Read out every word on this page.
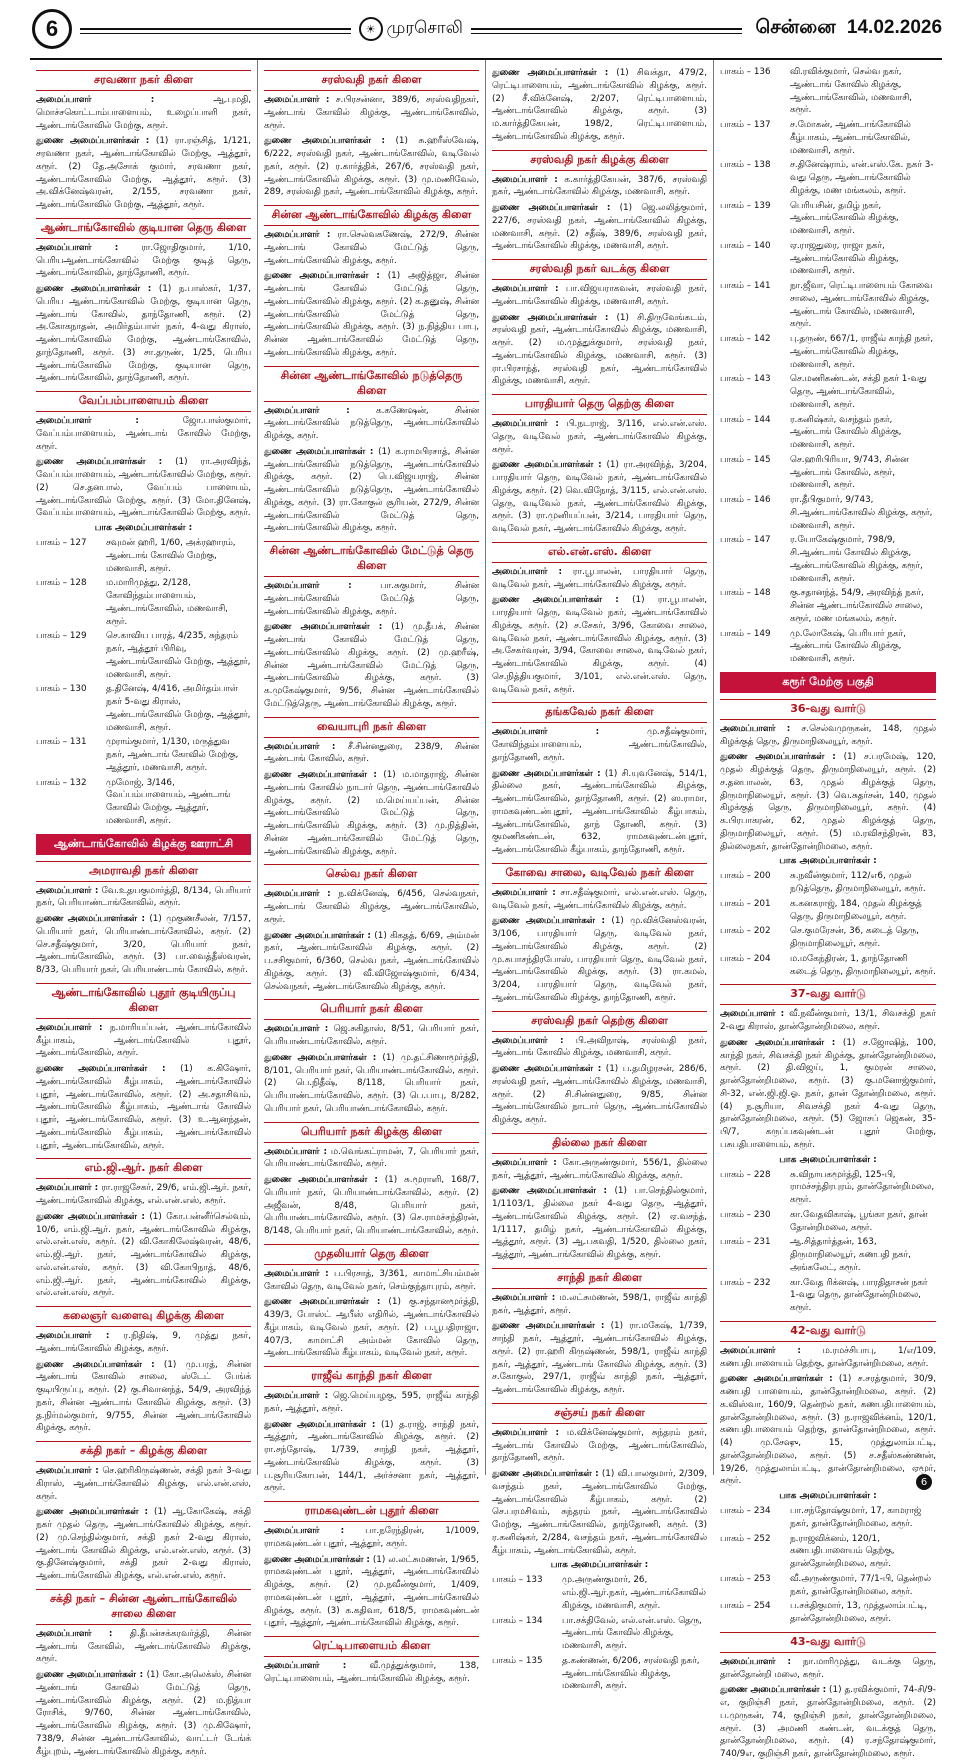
6	☀ முரசொலி	சென்னை 14.02.2026
சரவணா நகர் கிளை
அமைப்பாளர் : ஆ.புமதி, மொச்சகொட்டாம்பாளையம், உழைப்பாளி நகர், ஆண்டாங்கோவில் மேற்கு, கரூர்.
துணை அமைப்பாளர்கள் : (1) ரா.ரஞ்சித், 1/121, சரவணா நகர், ஆண்டாங்கோவில் மேற்கு, ஆத்தூர், கரூர். (2) தே.அசோக் குமார், சரவணா நகர், ஆண்டாங்கோவில் மேற்கு, ஆத்தூர், கரூர். (3) அ.விக்னேஷ்வரன், 2/155, சரவணா நகர், ஆண்டாங்கோவில் மேற்கு, ஆத்தூர், கரூர்.
ஆண்டாங்கோவில் குடியான தெரு கிளை
அமைப்பாளர் : ரா.ஜோதிகுமார், 1/10, பெரியஆண்டாங்கோவில் மேற்கு குடித் தெரு, ஆண்டாங்கோவில், தாந்தோணி, கரூர்.
துணை அமைப்பாளர்கள் : (1) ந.பாஸ்கர், 1/37, பெரிய ஆண்டாங்கோவில் மேற்கு, குடியான தெரு, ஆண்டாங் கோவில், தாந்தோணி, கரூர். (2) அ.கோகநாதன், அமிர்தம்பாள் நகர், 4-வது கிராஸ், ஆண்டாங்கோவில் மேற்கு, ஆண்டாங்கோவில், தாந்தோணி, கரூர். (3) சா.தருண், 1/25, பெரிய ஆண்டாங்கோவில் மேற்கு, குடியான தெரு, ஆண்டாங்கோவில், தாந்தோணி, கரூர்.
வேப்பம்பாளையம் கிளை
அமைப்பாளர் : ஜோ.பாஸ்குமார், வேப்பம்பாளையம், ஆண்டாங் கோவில் மேற்கு, கரூர்.
துணை அமைப்பாளர்கள் : (1) ரா.அரவிந்த், வேப்பம்பாளையம், ஆண்டாங்கோவில் மேற்கு, கரூர். (2) செ.தனபால், வேப்பம் பாளையம், ஆண்டாங்கோவில் மேற்கு, கரூர். (3) மோ.தினேஷ், வேப்பம்பாளையம், ஆண்டாங்கோவில் மேற்கு, கரூர்.
பாக அமைப்பாளர்கள் :
பாகம் – 127	சவுமன் ஹரி, 1/60, அக்ரஹாரம், ஆண்டாங் கோவில் மேற்கு, மணவாசி, கரூர்.
பாகம் – 128	ம.மாரிமுத்து, 2/128, கோவிந்தம்பாளையம், ஆண்டாங்கோவில், மணவாசி, கரூர்.
பாகம் – 129	செ.காவிய பாரத், 4/235, சுந்தரம் நகர், ஆத்தூர் பிரிவு, ஆண்டாங்கோவில் மேற்கு, ஆத்தூர், மணவாசி, கரூர்.
பாகம் – 130	த.தினேஷ், 4/416, அமிர்தம்பாள் நகர் 5-வது கிராஸ், ஆண்டாங்கோவில் மேற்கு, ஆத்தூர், மணவாசி, கரூர்.
பாகம் – 131	முராம்குமார், 1/130, மருத்துவ நகர், ஆண்டாங் கோவில் மேற்கு, ஆத்தூர், மணவாசி, கரூர்.
பாகம் – 132	முமோஜ், 3/146, வேப்பம்பாளையம், ஆண்டாங் கோவில் மேற்கு, ஆத்தூர், மணவாசி, கரூர்.
ஆண்டாங்கோவில் கிழக்கு ஊராட்சி
அமராவதி நகர் கிளை
அமைப்பாளர் : வே.உதயகுமார்த்தி, 8/134, பெரியார் நகர், பெரியாண்டாங்கோவில், கரூர்.
துணை அமைப்பாளர்கள் : (1) முகுணசீலன், 7/157, பெரியார் நகர், பெரியாண்டாங்கோவில், கரூர். (2) செ.சதீஷ்குமார், 3/20, பெரியார் நகர், ஆண்டாங்கோவில், கரூர். (3) பா.வைத்தீஸ்வரன், 8/33, பெரியார் நகர், பெரியாண்டாங் கோவில், கரூர்.
ஆண்டாங்கோவில் புதூர் குடியிருப்பு கிளை
அமைப்பாளர் : ந.மாரியப்பன், ஆண்டாங்கோவில் கீழ்பாகம், ஆண்டாங்கோவில் புதூர், ஆண்டாங்கோவில், கரூர்.
துணை அமைப்பாளர்கள் : (1) க.கிஷோர், ஆண்டாங்கோவில் கீழ்பாகம், ஆண்டாங்கோவில் புதூர், ஆண்டாங்கோவில், கரூர். (2) அ.சதாசிவம், ஆண்டாங்கோவில் கீழ்பாகம், ஆண்டாங் கோவில் புதூர், ஆண்டாங்கோவில், கரூர். (3) உ.ஆனந்தன், ஆண்டாங்கோவில் கீழ்பாகம், ஆண்டாங்கோவில் புதூர், ஆண்டாங்கோவில், கரூர்.
எம்.ஜி.ஆர். நகர் கிளை
அமைப்பாளர் : ரா.ராஜசேகர், 29/6, எம்.ஜி.ஆர். நகர், ஆண்டாங்கோவில் கிழக்கு, எல்.என்.எஸ், கரூர்.
துணை அமைப்பாளர்கள் : (1) கோ.பன்னீர்செல்வம், 10/6, எம்.ஜி.ஆர். நகர், ஆண்டாங்கோவில் கிழக்கு, எல்.என்.எஸ், கரூர். (2) வி.கோகிலேஷ்வரன், 48/6, எம்.ஜி.ஆர். நகர், ஆண்டாங்கோவில் கிழக்கு, எல்.என்.எஸ், கரூர். (3) வி.கோபிநாத், 48/6, எம்.ஜி.ஆர். நகர், ஆண்டாங்கோவில் கிழக்கு, எல்.என்.எஸ், கரூர்.
கலைஞர் வளைவு கிழக்கு கிளை
அமைப்பாளர் : ர.நிதிஷ், 9, முத்து நகர், ஆண்டாங்கோவில் கிழக்கு, கரூர்.
துணை அமைப்பாளர்கள் : (1) மு.பரத், சின்ன ஆண்டாங் கோவில் சாலை, ஸ்டேட் பேங்க் குடியிருப்பு, கரூர். (2) கு.சிவானந்த், 54/9, அரவிந்த் நகர், சின்ன ஆண்டாங் கோவில் கிழக்கு, கரூர். (3) த.நிர்மல்குமார், 9/755, சின்ன ஆண்டாங்கோவில் கிழக்கு, கரூர்.
சக்தி நகர் – கிழக்கு கிளை
அமைப்பாளர் : செ.ஹரிகிருஷ்ணன், சக்தி நகர் 3-வது கிராஸ், ஆண்டாங்கோவில் கிழக்கு, எல்.என்.எஸ், கரூர்.
துணை அமைப்பாளர்கள் : (1) ஆ.கோகேஷ், சக்தி நகர் முதல் தெரு, ஆண்டாங்கோவில் கிழக்கு, கரூர். (2) மு.செந்தில்குமார், சக்தி நகர் 2-வது கிராஸ், ஆண்டாங் கோவில் கிழக்கு, எல்.என்.எஸ், கரூர். (3) கு.தினேஷ்குமார், சக்தி நகர் 2-வது கிராஸ், ஆண்டாங்கோவில் கிழக்கு, எல்.என்.எஸ், கரூர்.
சக்தி நகர் – சின்ன ஆண்டாங்கோவில் சாலை கிளை
அமைப்பாளர் : தி.தீபன்சக்கரவர்த்தி, சின்ன ஆண்டாங் கோவில், ஆண்டாங்கோவில் கிழக்கு, கரூர்.
துணை அமைப்பாளர்கள் : (1) கோ.அலெக்ஸ், சின்ன ஆண்டாங் கோவில் மேட்டுத் தெரு, ஆண்டாங்கோவில் கிழக்கு, கரூர். (2) ம.நித்யா ரோசிக், 9/760, சின்ன ஆண்டாங்கோவில், ஆண்டாங்கோவில் கிழக்கு, கரூர். (3) மு.கிஷோர், 738/9, சின்ன ஆண்டாங்கோவில், வாட்டர் டேங்க் கீழ்புறம், ஆண்டாங்கோவில் கிழக்கு, கரூர்.
சரஸ்வதி நகர் கிளை
அமைப்பாளர் : ச.பிரசன்னா, 389/6, சரஸ்வதிநகர், ஆண்டாங் கோவில் கிழக்கு, ஆண்டாங்கோவில், கரூர்.
துணை அமைப்பாளர்கள் : (1) சு.ஹரீஸ்வேஷ், 6/222, சரஸ்வதி நகர், ஆண்டாங்கோவில், வடிவேல் நகர், கரூர். (2) ர.கார்த்திக், 267/6, சரஸ்வதி நகர், ஆண்டாங்கோவில் கிழக்கு, கரூர். (3) மு.மணிவேல், 289, சரஸ்வதி நகர், ஆண்டாங்கோவில் கிழக்கு, கரூர்.
சின்ன ஆண்டாங்கோவில் கிழக்கு கிளை
அமைப்பாளர் : ரா.செல்வகணேஷ், 272/9, சின்ன ஆண்டாங் கோவில் மேட்டுத் தெரு, ஆண்டாங்கோவில் கிழக்கு, கரூர்.
துணை அமைப்பாளர்கள் : (1) அஜித்ஜா, சின்ன ஆண்டாங் கோவில் மேட்டுத் தெரு, ஆண்டாங்கோவில் கிழக்கு, கரூர். (2) க.தனுஷ், சின்ன ஆண்டாங்கோவில் மேட்டுத் தெரு, ஆண்டாங்கோவில் கிழக்கு, கரூர். (3) ந.நித்திய பாபு, சின்ன ஆண்டாங்கோவில் மேட்டுத் தெரு, ஆண்டாங்கோவில் கிழக்கு, கரூர்.
சின்ன ஆண்டாங்கோவில் நடுத்தெரு கிளை
அமைப்பாளர் : க.கணேஷன், சின்ன ஆண்டாங்கோவில் நடுத்தெரு, ஆண்டாங்கோவில் கிழக்கு, கரூர்.
துணை அமைப்பாளர்கள் : (1) க.ராமபிரசாத், சின்ன ஆண்டாங்கோவில் நடுத்தெரு, ஆண்டாங்கோவில் கிழக்கு, கரூர். (2) பெ.விஜயராஜ், சின்ன ஆண்டாங்கோவில் நடுத்தெரு, ஆண்டாங்கோவில் கிழக்கு, கரூர். (3) ரா.கோகுல் சூரியன், 272/9, சின்ன ஆண்டாங்கோவில் மேட்டுத் தெரு, ஆண்டாங்கோவில் கிழக்கு, கரூர்.
சின்ன ஆண்டாங்கோவில் மேட்டுத் தெரு கிளை
அமைப்பாளர் : பா.சுகுமார், சின்ன ஆண்டாங்கோவில் மேட்டுத் தெரு, ஆண்டாங்கோவில் கிழக்கு, கரூர்.
துணை அமைப்பாளர்கள் : (1) மு.தீபக், சின்ன ஆண்டாங் கோவில் மேட்டுத் தெரு, ஆண்டாங்கோவில் கிழக்கு, கரூர். (2) மு.ஹரீஷ், சின்ன ஆண்டாங்கோவில் மேட்டுத் தெரு, ஆண்டாங்கோவில் கிழக்கு, கரூர். (3) க.முகேஷ்குமார், 9/56, சின்ன ஆண்டாங்கோவில் மேட்டுத்தெரு, ஆண்டாங்கோவில் கிழக்கு, கரூர்.
வையாபுரி நகர் கிளை
அமைப்பாளர் : சீ.சின்னதுரை, 238/9, சின்ன ஆண்டாங் கோவில், கரூர்.
துணை அமைப்பாளர்கள் : (1) ம.மாதராஜ், சின்ன ஆண்டாங் கோவில் நாடார் தெரு, ஆண்டாங்கோவில் கிழக்கு, கரூர். (2) ம.மெய்யப்பன், சின்ன ஆண்டாங்கோவில் மேட்டுத் தெரு, ஆண்டாங்கோவில் கிழக்கு, கரூர். (3) மு.நித்தின், சின்ன ஆண்டாங்கோவில் மேட்டுத் தெரு, ஆண்டாங்கோவில் கிழக்கு, கரூர்.
செல்வ நகர் கிளை
அமைப்பாளர் : ந.விக்னேஷ், 6/456, செல்வநகர், ஆண்டாங் கோவில் கிழக்கு, ஆண்டாங்கோவில், கரூர்.
துணை அமைப்பாளர்கள் : (1) கிகதத், 6/69, அம்மன் நகர், ஆண்டாங்கோவில் கிழக்கு, கரூர். (2) ப.சசிகுமார், 6/360, செல்வ நகர், ஆண்டாங்கோவில் கிழக்கு, கரூர். (3) வீ.விஜோஷ்குமார், 6/434, செல்வநகர், ஆண்டாங்கோவில் கிழக்கு, கரூர்.
பெரியார் நகர் கிளை
அமைப்பாளர் : ஜெ.சுகிதாஸ், 8/51, பெரியார் நகர், பெரியாண்டாங்கோவில், கரூர்.
துணை அமைப்பாளர்கள் : (1) மு.தட்சிணாமூர்த்தி, 8/101, பெரியார் நகர், பெரியாண்டாங்கோவில், கரூர். (2) பெ.நிதீஷ், 8/118, பெரியார் நகர், பெரியாண்டாங்கோவில், கரூர். (3) பெ.பாபு, 8/282, பெரியார் நகர், பெரியாண்டாங்கோவில், கரூர்.
பெரியார் நகர் கிழக்கு கிளை
அமைப்பாளர் : ம.வெங்கட்ராமன், 7, பெரியார் நகர், பெரியாண்டாங்கோவில், கரூர்.
துணை அமைப்பாளர்கள் : (1) சு.மூராளி, 168/7, பெரியார் நகர், பெரியாண்டாங்கோவில், கரூர். (2) அஜீவன், 8/48, பெரியார் நகர், பெரியாண்டாங்கோவில், கரூர். (3) செ.ராமச்சந்திரன், 8/148, பெரியார் நகர், பெரியாண்டாங்கோவில், கரூர்.
முதலியார் தெரு கிளை
அமைப்பாளர் : ப.பிரசாத், 3/361, காமாட்சியம்மன் கோவில் தெரு, வடிவேல் நகர், செம்குந்தாபுரம், கரூர்.
துணை அமைப்பாளர்கள் : (1) கு.சந்தானமூர்த்தி, 439/3, போஸ்ட் ஆபீஸ் எதிரில், ஆண்டாங்கோவில் கீழ்பாகம், வடிவேல் நகர், கரூர். (2) ப.பூபதிராஜா, 407/3, காமாட்சி அம்மன் கோவில் தெரு, ஆண்டாங்கோவில் கீழ்பாகம், வடிவேல் நகர், கரூர்.
ராஜீவ் காந்தி நகர் கிளை
அமைப்பாளர் : ஜெ.மெய்யழகு, 595, ராஜீவ் காந்தி நகர், ஆத்தூர், கரூர்.
துணை அமைப்பாளர்கள் : (1) த.ராஜ், சாந்தி நகர், ஆத்தூர், ஆண்டாங்கோவில் கிழக்கு, கரூர். (2) ரா.சந்தோஷ், 1/739, சாந்தி நகர், ஆத்தூர், ஆண்டாங்கோவில் கிழக்கு, கரூர். (3) ப.சூரியகோபன், 144/1, அர்ச்சனா நகர், ஆத்தூர், கரூர்.
ராமகவுண்டன் புதூர் கிளை
அமைப்பாளர் : பா.நரேந்திரன், 1/1009, ராமகவுண்டன் புதூர், ஆத்தூர், கரூர்.
துணை அமைப்பாளர்கள் : (1) ல.லட்சுமணன், 1/965, ராமகவுண்டன் புதூர், ஆத்தூர், ஆண்டாங்கோவில் கிழக்கு, கரூர். (2) மு.நவீன்குமார், 1/409, ராமகவுண்டன் புதூர், ஆத்தூர், ஆண்டாங்கோவில் கிழக்கு, கரூர். (3) க.கதிவா, 618/5, ராமகவுண்டன் புதூர், ஆத்தூர், ஆண்டாங்கோவில் கிழக்கு, கரூர்.
ரெட்டிபாளையம் கிளை
அமைப்பாளர் : வீ.முத்துக்குமார், 138, ரெட்டிபாளையம், ஆண்டாங்கோவில் கிழக்கு, கரூர்.
துணை அமைப்பாளர்கள் : (1) சிவக்தா, 479/2, ரெட்டிபாளையம், ஆண்டாங்கோவில் கிழக்கு, கரூர். (2) சீ.விக்னேஷ், 2/207, ரெட்டிபாளையம், ஆண்டாங்கோவில் கிழக்கு, கரூர். (3) ம.கார்த்திகேயன், 198/2, ரெட்டிபாளையம், ஆண்டாங்கோவில் கிழக்கு, கரூர்.
சரஸ்வதி நகர் கிழக்கு கிளை
அமைப்பாளர் : க.கார்த்திகேயன், 387/6, சரஸ்வதி நகர், ஆண்டாங்கோவில் கிழக்கு, மணவாசி, கரூர்.
துணை அமைப்பாளர்கள் : (1) ஜெ.லலித்குமார், 227/6, சரஸ்வதி நகர், ஆண்டாங்கோவில் கிழக்கு, மணவாசி, கரூர். (2) சதீஷ், 389/6, சரஸ்வதி நகர், ஆண்டாங்கோவில் கிழக்கு, மணவாசி, கரூர்.
சரஸ்வதி நகர் வடக்கு கிளை
அமைப்பாளர் : பா.விஜயராகவன், சரஸ்வதி நகர், ஆண்டாங்கோவில் கிழக்கு, மணவாசி, கரூர்.
துணை அமைப்பாளர்கள் : (1) சி.திருவேங்கடம், சரஸ்வதி நகர், ஆண்டாங்கோவில் கிழக்கு, மணவாசி, கரூர். (2) ம.முத்துக்குமார், சரஸ்வதி நகர், ஆண்டாங்கோவில் கிழக்கு, மணவாசி, கரூர். (3) ரா.பிரசாந்த், சரஸ்வதி நகர், ஆண்டாங்கோவில் கிழக்கு, மணவாசி, கரூர்.
பாரதியார் தெரு தெற்கு கிளை
அமைப்பாளர் : பி.நடராஜ், 3/116, எல்.என்.எஸ். தெரு, வடிவேல் நகர், ஆண்டாங்கோவில் கிழக்கு, கரூர்.
துணை அமைப்பாளர்கள் : (1) ரா.அரவிந்த், 3/204, பாரதியார் தெரு, வடிவேல் நகர், ஆண்டாங்கோவில் கிழக்கு, கரூர். (2) வெ.விநோத், 3/115, எல்.என்.எஸ். தெரு, வடிவேல் நகர், ஆண்டாங்கோவில் கிழக்கு, கரூர். (3) ரா.முனியப்பன், 3/214, பாரதியார் தெரு, வடிவேல் நகர், ஆண்டாங்கோவில் கிழக்கு, கரூர்.
எல்.என்.எஸ். கிளை
அமைப்பாளர் : ரா.பூபாலன், பாரதியார் தெரு, வடிவேல் நகர், ஆண்டாங்கோவில் கிழக்கு, கரூர்.
துணை அமைப்பாளர்கள் : (1) ரா.பூபாலன், பாரதியார் தெரு, வடிவேல் நகர், ஆண்டாங்கோவில் கிழக்கு, கரூர். (2) ச.சேகர், 3/96, கோவை சாலை, வடிவேல் நகர், ஆண்டாங்கோவில் கிழக்கு, கரூர். (3) அ.சேகர்வரன், 3/94, கோவை சாலை, வடிவேல் நகர், ஆண்டாங்கோவில் கிழக்கு, கரூர். (4) செ.நித்தியகுமார், 3/101, எல்.என்.எஸ். தெரு, வடிவேல் நகர், கரூர்.
தங்கவேல் நகர் கிளை
அமைப்பாளர் : மு.சதீஷ்குமார், கோவிந்தம்பாளையம், ஆண்டாங்கோவில், தாந்தோணி, கரூர்.
துணை அமைப்பாளர்கள் : (1) சி.யுவனேஷ், 514/1, தில்லை நகர், ஆண்டாங்கோவில் கிழக்கு, ஆண்டாங்கோவில், தாந்தோணி, கரூர். (2) ஸ.ராமா, ராமகவுண்டன்புதூர், ஆண்டாங்கோவில் கீழ்பாகம், ஆண்டாங்கோவில், தாந் தோணி, கரூர். (3) குமணிகண்டன், 632, ராமகவுண்டன்புதூர், ஆண்டாங்கோவில் கீழ்பாகம், தாந்தோணி, கரூர்.
கோவை சாலை, வடிவேல் நகர் கிளை
அமைப்பாளர் : சா.சதீஷ்குமார், எல்.என்.எஸ். தெரு, வடிவேல் நகர், ஆண்டாங்கோவில் கிழக்கு, கரூர்.
துணை அமைப்பாளர்கள் : (1) மு.விக்னேஸ்வரன், 3/106, பாரதியார் தெரு, வடிவேல் நகர், ஆண்டாங்கோவில் கிழக்கு, கரூர். (2) மு.சுபாசந்திரபோஸ், பாரதியார் தெரு, வடிவேல் நகர், ஆண்டாங்கோவில் கிழக்கு, கரூர். (3) ரா.கமல், 3/204, பாரதியார் தெரு, வடிவேல் நகர், ஆண்டாங்கோவில் கிழக்கு, தாந்தோணி, கரூர்.
சரஸ்வதி நகர் தெற்கு கிளை
அமைப்பாளர் : பி.அவிநாஷ், சரஸ்வதி நகர், ஆண்டாங் கோவில் கிழக்கு, மணவாசி, கரூர்.
துணை அமைப்பாளர்கள் : (1) ப.தமிழரசன், 286/6, சரஸ்வதி நகர், ஆண்டாங்கோவில் கிழக்கு, மணவாசி, கரூர். (2) சி.சின்னதுரை, 9/85, சின்ன ஆண்டாங்கோவில் நாடார் தெரு, ஆண்டாங்கோவில் கிழக்கு, கரூர்.
தில்லை நகர் கிளை
அமைப்பாளர் : கோ.அருண்குமார், 556/1, தில்லை நகர், ஆத்தூர், ஆண்டாங்கோவில் கிழக்கு, கரூர்.
துணை அமைப்பாளர்கள் : (1) பா.செந்தில்குமார், 1/1103/1, தில்லை நகர் 4-வது தெரு, ஆத்தூர், ஆண்டாங்கோவில் கிழக்கு, கரூர். (2) ஏ.வசந்த், 1/1117, தமிழ் நகர், ஆண்டாங்கோவில் கிழக்கு, ஆத்தூர், கரூர். (3) ஆ.பகவதி, 1/520, தில்லை நகர், ஆத்தூர், ஆண்டாங்கோவில் கிழக்கு, கரூர்.
சாந்தி நகர் கிளை
அமைப்பாளர் : ம.லட்சுமணன், 598/1, ராஜீவ் காந்தி நகர், ஆத்தூர், கரூர்.
துணை அமைப்பாளர்கள் : (1) ரா.மகேஷ், 1/739, சாந்தி நகர், ஆத்தூர், ஆண்டாங்கோவில் கிழக்கு, கரூர். (2) ரா.ஹரி கிருஷ்ணன், 598/1, ராஜீவ் காந்தி நகர், ஆத்தூர், ஆண்டாங் கோவில் கிழக்கு, கரூர். (3) ச.கோகுல், 297/1, ராஜீவ் காந்தி நகர், ஆத்தூர், ஆண்டாங்கோவில் கிழக்கு, கரூர்.
சஞ்சய் நகர் கிளை
அமைப்பாளர் : ம.விக்னேஷ்குமார், சுந்தரம் நகர், ஆண்டாங் கோவில் மேற்கு, ஆண்டாங்கோவில், தாந்தோணி, கரூர்.
துணை அமைப்பாளர்கள் : (1) வி.பாலகுமார், 2/309, வசந்தம் நகர், ஆண்டாங்கோவில் மேற்கு, ஆண்டாங்கோவில் கீழ்பாகம், கரூர். (2) செ.பரமசிவம், சுந்தரம் நகர், ஆண்டாங்கோவில் மேற்கு, ஆண்டாங்கோவில், தாந்தோணி, கரூர். (3) ர.கனிஷ்கர், 2/284, வசந்தம் நகர், ஆண்டாங்கோவில் கீழ்பாகம், ஆண்டாங்கோவில், கரூர்.
பாக அமைப்பாளர்கள் :
பாகம் – 133	மு.அருண்குமார், 26, எம்.ஜி.ஆர்.நகர், ஆண்டாங்கோவில் கிழக்கு, மணவாசி, கரூர்.
பாகம் – 134	பா.சக்திவேல், எல்.என்.எஸ். தெரு, ஆண்டாங் கோவில் கிழக்கு, மணவாசி, கரூர்.
பாகம் – 135	த.கண்ணன், 6/206, சரஸ்வதி நகர், ஆண்டாங்கோவில் கிழக்கு, மணவாசி, கரூர்.
பாகம் – 136	வி.ரவிக்குமார், செல்வ நகர், ஆண்டாங் கோவில் கிழக்கு, ஆண்டாங்கோவில், மணவாசி, கரூர்.
பாகம் – 137	ச.மோகன், ஆண்டாங்கோவில் கீழ்பாகம், ஆண்டாங்கோவில், மணவாசி, கரூர்.
பாகம் – 138	ச.தினேஷ்ராம், என்.எஸ்.கே. நகர் 3-வது தெரு, ஆண்டாங்கோவில் கிழக்கு, மண மங்கலம், கரூர்.
பாகம் – 139	பெரியசின், தமிழ் நகர், ஆண்டாங்கோவில் கிழக்கு, மணவாசி, கரூர்.
பாகம் – 140	ஏ.ராஜதுரை, ராஜா நகர், ஆண்டாங்கோவில் கிழக்கு, மணவாசி, கரூர்.
பாகம் – 141	நா.ஜீவா, ரெட்டிபாளையம் கோவை சாலை, ஆண்டாங்கோவில் கிழக்கு, ஆண்டாங் கோவில், மணவாசி, கரூர்.
பாகம் – 142	பு.தருண், 667/1, ராஜீவ் காந்தி நகர், ஆண்டாங்கோவில் கிழக்கு, மணவாசி, கரூர்.
பாகம் – 143	செ.மணிகண்டன், சக்தி நகர் 1-வது தெரு, ஆண்டாங்கோவில், மணவாசி, கரூர்.
பாகம் – 144	ர.கனிஷ்கர், வசந்தம் நகர், ஆண்டாங் கோவில் கிழக்கு, மணவாசி, கரூர்.
பாகம் – 145	செ.ஹரிபிரியா, 9/743, சின்ன ஆண்டாங் கோவில், கரூர், மணவாசி, கரூர்.
பாகம் – 146	ரா.தீபிகுமார், 9/743, சி.ஆண்டாங்கோவில் கிழக்கு, கரூர், மணவாசி, கரூர்.
பாகம் – 147	ர.யோகேஷ்குமார், 798/9, சி.ஆண்டாங் கோவில் கிழக்கு, ஆண்டாங்கோவில் கிழக்கு, கரூர், மணவாசி, கரூர்.
பாகம் – 148	கு.சதானந்த், 54/9, அரவிந்த் நகர், சின்ன ஆண்டாங்கோவில் சாலை, கரூர், மண மங்கலம், கரூர்.
பாகம் – 149	மு.லோகேஷ், பெரியார் நகர், ஆண்டாங் கோவில் கிழக்கு, மணவாசி, கரூர்.
கரூர் மேற்கு பகுதி
36-வது வார்டு
அமைப்பாளர் : ச.செல்வமுருகன், 148, முதல் கிழக்குத் தெரு, திருமாநிலையூர், கரூர்.
துணை அமைப்பாளர்கள் : (1) ச.பரமேஷ், 120, முதல் கிழக்குத் தெரு, திருமாநிலையூர், கரூர். (2) ச.தனபாலன், 63, முதல் கிழக்குத் தெரு, திருமாநிலையூர், கரூர். (3) வெ.சுதர்சன், 140, முதல் கிழக்குத் தெரு, திருமாநிலையூர், கரூர். (4) க.பிரபாகரன், 62, முதல் கிழக்குத் தெரு, திருமாநிலையூர், கரூர். (5) ம.ரவிசந்திரன், 83, தில்லைநகர், தான்தோன்றிமலை, கரூர்.
பாக அமைப்பாளர்கள் :
பாகம் – 200	சு.நவீன்குமார், 112/எ6, முதல் நடுத்தெரு, திருமாநிலையூர், கரூர்.
பாகம் – 201	க.கனகராஜ், 184, முதல் கிழக்குத் தெரு, திருமாநிலையூர், கரூர்.
பாகம் – 202	செ.குமரேசன், 36, கடைத் தெரு, திருமாநிலையூர், கரூர்.
பாகம் – 204	ம.மகேந்திரன், 1, தாந்தோணி கடைத் தெரு, திருமாநிலையூர், கரூர்.
37-வது வார்டு
அமைப்பாளர் : வீ.நவீன்குமார், 13/1, சிவசக்தி நகர் 2-வது கிராஸ், தான்தோன்றிமலை, கரூர்.
துணை அமைப்பாளர்கள் : (1) ச.ஜோஷித், 100, காந்தி நகர், சிவசக்தி நகர் கிழக்கு, தான்தோன்றிமலை, கரூர். (2) தி.விஜய், 1, குமரன் சாலை, தான்தோன்றிமலை, கரூர். (3) கு.மனோஜ்குமார், சி-32, என்.ஜி.ஜி.ஓ. நகர், தான் தோன்றிமலை, கரூர். (4) ந.சூரியா, சிவசக்தி நகர் 4-வது தெரு, தான்தோன்றிமலை, கரூர். (5) ஜோசப் ஜெகன், 35-பி/7, கருப்பகவுண்டன் புதூர் மேற்கு, பசுபதிபாளையம், கரூர்.
பாக அமைப்பாளர்கள் :
பாகம் – 228	சு.விநாயகமூர்த்தி, 125-பி, ராமச்சந்திரபுரம், தான்தோன்றிமலை, கரூர்.
பாகம் – 230	கா.வேதவிகாஷ், பூங்கா நகர், தான் தோன்றிமலை, கரூர்.
பாகம் – 231	ஆ.சித்தார்த்தன், 163, திருமாநிலையூர், கணபதி நகர், அங்கலேட், கரூர்.
பாகம் – 232	கா.வேத ரிக்னஷ், பாரதிதாசன் நகர் 1-வது தெரு, தான்தோன்றிமலை, கரூர்.
42-வது வார்டு
அமைப்பாளர் : ம.ரமச்சிபாபு, 1/எ/109, கணபதிபாளையம் தெற்கு, தான்தோன்றிமலை, கரூர்.
துணை அமைப்பாளர்கள் : (1) ச.சரத்குமார், 30/9, கணபதி பாளையம், தான்தோன்றிமலை, கரூர். (2) க.விஸ்வா, 160/9, தென்றல் நகர், கணபதிபாளையம், தான்தோன்றிமலை, கரூர். (3) ந.ராஜவிக்னம், 120/1, கணபதிபாளையம் தெற்கு, தான்தோன்றிமலை, கரூர். (4) மு.சேஷு, 15, முத்துலாம்பட்டி, தான்தோன்றிமலை, கரூர். (5) ச.சதீஸ்கண்ணன், 19/26, முத்துலாம்பட்டி, தான்தோன்றிமலை, ஏமூர், கரூர்.
பாக அமைப்பாளர்கள் :
பாகம் – 234	பா.சந்தோஷ்குமார், 17, காமராஜ் நகர், தான்தோன்றிமலை, கரூர்.
பாகம் – 252	ந.ராஜவிக்னம், 120/1, கணபதிபாளையம் தெற்கு, தான்தோன்றிமலை, கரூர்.
பாகம் – 253	வீ.அருண்குமார், 77/1-பி, தென்றல் நகர், தான்தோன்றிமலை, கரூர்.
பாகம் – 254	ப.சக்திகுமார், 13, முத்தலாம்பட்டி, தான்தோன்றிமலை, கரூர்.
43-வது வார்டு
அமைப்பாளர் : நா.மாரிமுத்து, வடக்கு தெரு, தான்தோன்றி மலை, கரூர்.
துணை அமைப்பாளர்கள் : (1) த.ரவிக்குமார், 74-சி/9-எ, குறிஞ்சி நகர், தான்தோன்றிமலை, கரூர். (2) ப.முருகன், 74, குறிஞ்சி நகர், தான்தோன்றிமலை, கரூர். (3) அமணி கண்டன், வடக்குத் தெரு, தான்தோன்றிமலை, கரூர். (4) ர.சந்தோஷ்குமார், 740/9எ, குறிஞ்சி நகர், தான்தோன்றிமலை, கரூர்.
6
